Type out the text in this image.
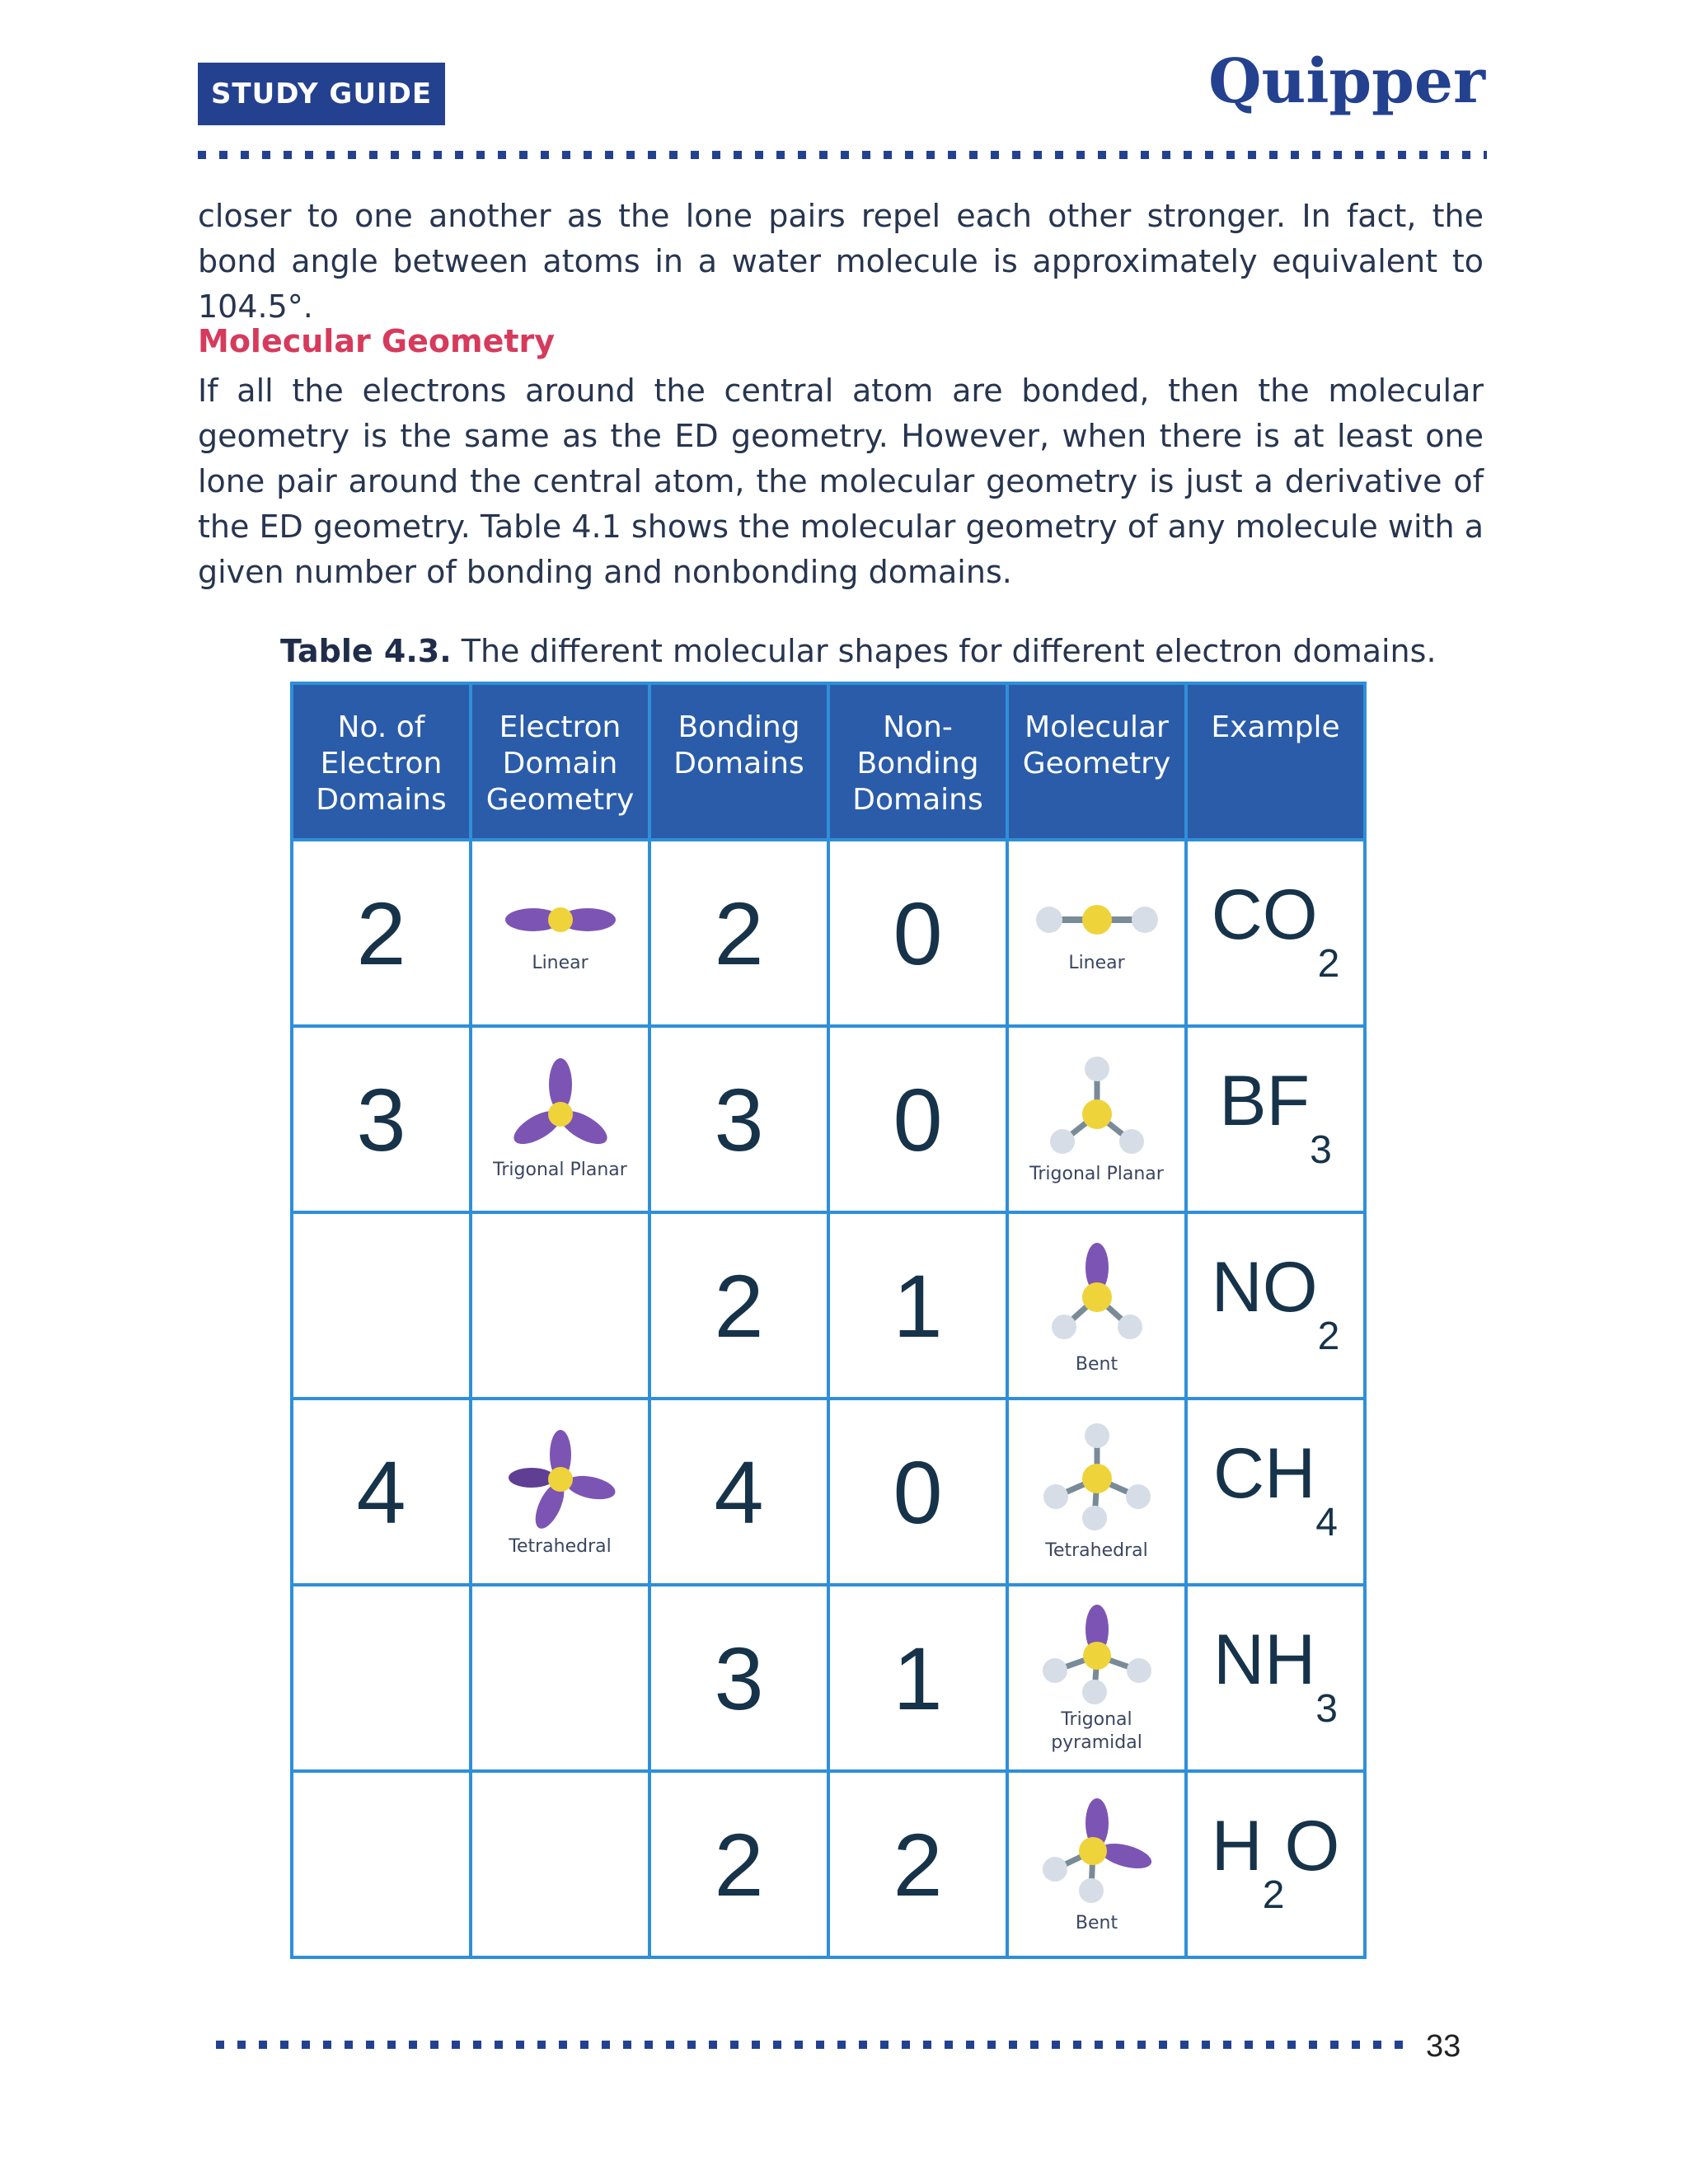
STUDY GUIDE	Quipper

closer to one another as the lone pairs repel each other stronger. In fact, the bond angle between atoms in a water molecule is approximately equivalent to 104.5°.

Molecular Geometry

If all the electrons around the central atom are bonded, then the molecular geometry is the same as the ED geometry. However, when there is at least one lone pair around the central atom, the molecular geometry is just a derivative of the ED geometry. Table 4.1 shows the molecular geometry of any molecule with a given number of bonding and nonbonding domains.

Table 4.3. The different molecular shapes for different electron domains.
No. of Electron Domains	Electron Domain Geometry	Bonding Domains	Non-Bonding Domains	Molecular Geometry	Example
2	Linear	2	0	Linear	$CO_2$
3	Trigonal Planar	3	0	Trigonal Planar	$BF_3$
		2	1	Bent	$NO_2$
4	Tetrahedral	4	0	Tetrahedral	$CH_4$
		3	1	Trigonal pyramidal	$NH_3$
		2	2	Bent	$H_2O$
33
